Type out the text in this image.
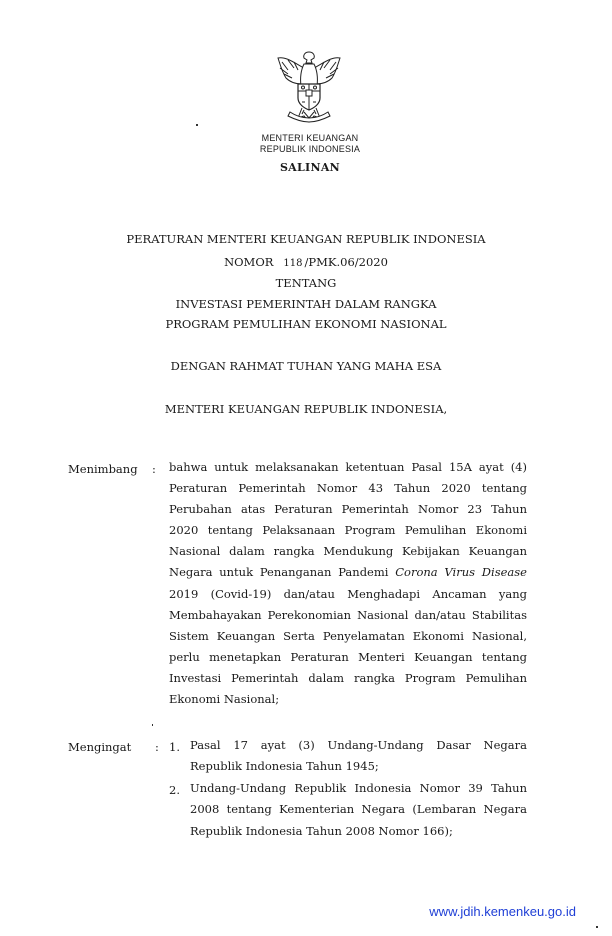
MENTERI KEUANGAN
REPUBLIK INDONESIA
SALINAN
PERATURAN MENTERI KEUANGAN REPUBLIK INDONESIA
NOMOR 118 /PMK.06/2020
TENTANG
INVESTASI PEMERINTAH DALAM RANGKA
PROGRAM PEMULIHAN EKONOMI NASIONAL
DENGAN RAHMAT TUHAN YANG MAHA ESA
MENTERI KEUANGAN REPUBLIK INDONESIA,
Menimbang : bahwa untuk melaksanakan ketentuan Pasal 15A ayat (4) Peraturan Pemerintah Nomor 43 Tahun 2020 tentang Perubahan atas Peraturan Pemerintah Nomor 23 Tahun 2020 tentang Pelaksanaan Program Pemulihan Ekonomi Nasional dalam rangka Mendukung Kebijakan Keuangan Negara untuk Penanganan Pandemi Corona Virus Disease 2019 (Covid-19) dan/atau Menghadapi Ancaman yang Membahayakan Perekonomian Nasional dan/atau Stabilitas Sistem Keuangan Serta Penyelamatan Ekonomi Nasional, perlu menetapkan Peraturan Menteri Keuangan tentang Investasi Pemerintah dalam rangka Program Pemulihan Ekonomi Nasional;
Mengingat : 1. Pasal 17 ayat (3) Undang-Undang Dasar Negara Republik Indonesia Tahun 1945;
2. Undang-Undang Republik Indonesia Nomor 39 Tahun 2008 tentang Kementerian Negara (Lembaran Negara Republik Indonesia Tahun 2008 Nomor 166);
www.jdih.kemenkeu.go.id
